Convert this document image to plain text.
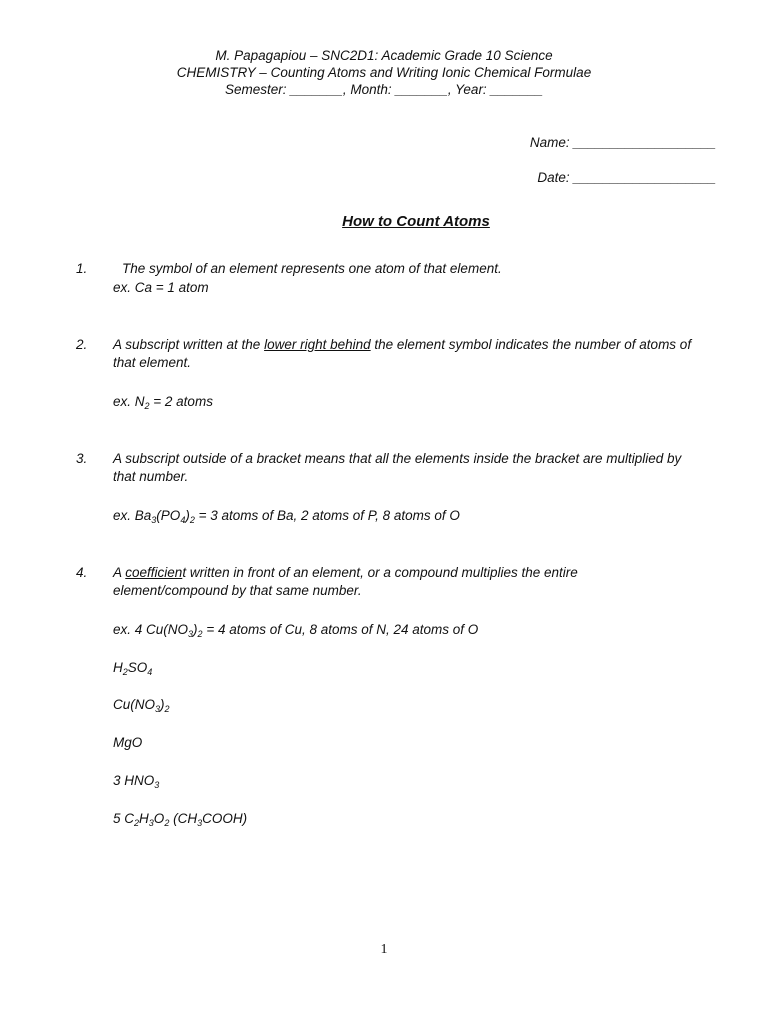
M. Papagapiou – SNC2D1: Academic Grade 10 Science
CHEMISTRY – Counting Atoms and Writing Ionic Chemical Formulae
Semester: _______, Month: _______, Year: _______
Name: ___________________
Date: ___________________
How to Count Atoms
1.	The symbol of an element represents one atom of that element.
ex. Ca = 1 atom
2. A subscript written at the lower right behind the element symbol indicates the number of atoms of
that element.
ex. $N_2 = 2$ atoms
3. A subscript outside of a bracket means that all the elements inside the bracket are multiplied by
that number.
ex. $Ba_3(PO_4)_2 = 3$ atoms of Ba, 2 atoms of P, 8 atoms of O
4. A coefficient written in front of an element, or a compound multiplies the entire
element/compound by that same number.
ex. 4 $Cu(NO_3)_2 = 4$ atoms of Cu, 8 atoms of N, 24 atoms of O
$H_2SO_4$
$Cu(NO_3)_2$
MgO
3 $HNO_3$
5 $C_2H_3O_2$ $(CH_3COOH)$
1
